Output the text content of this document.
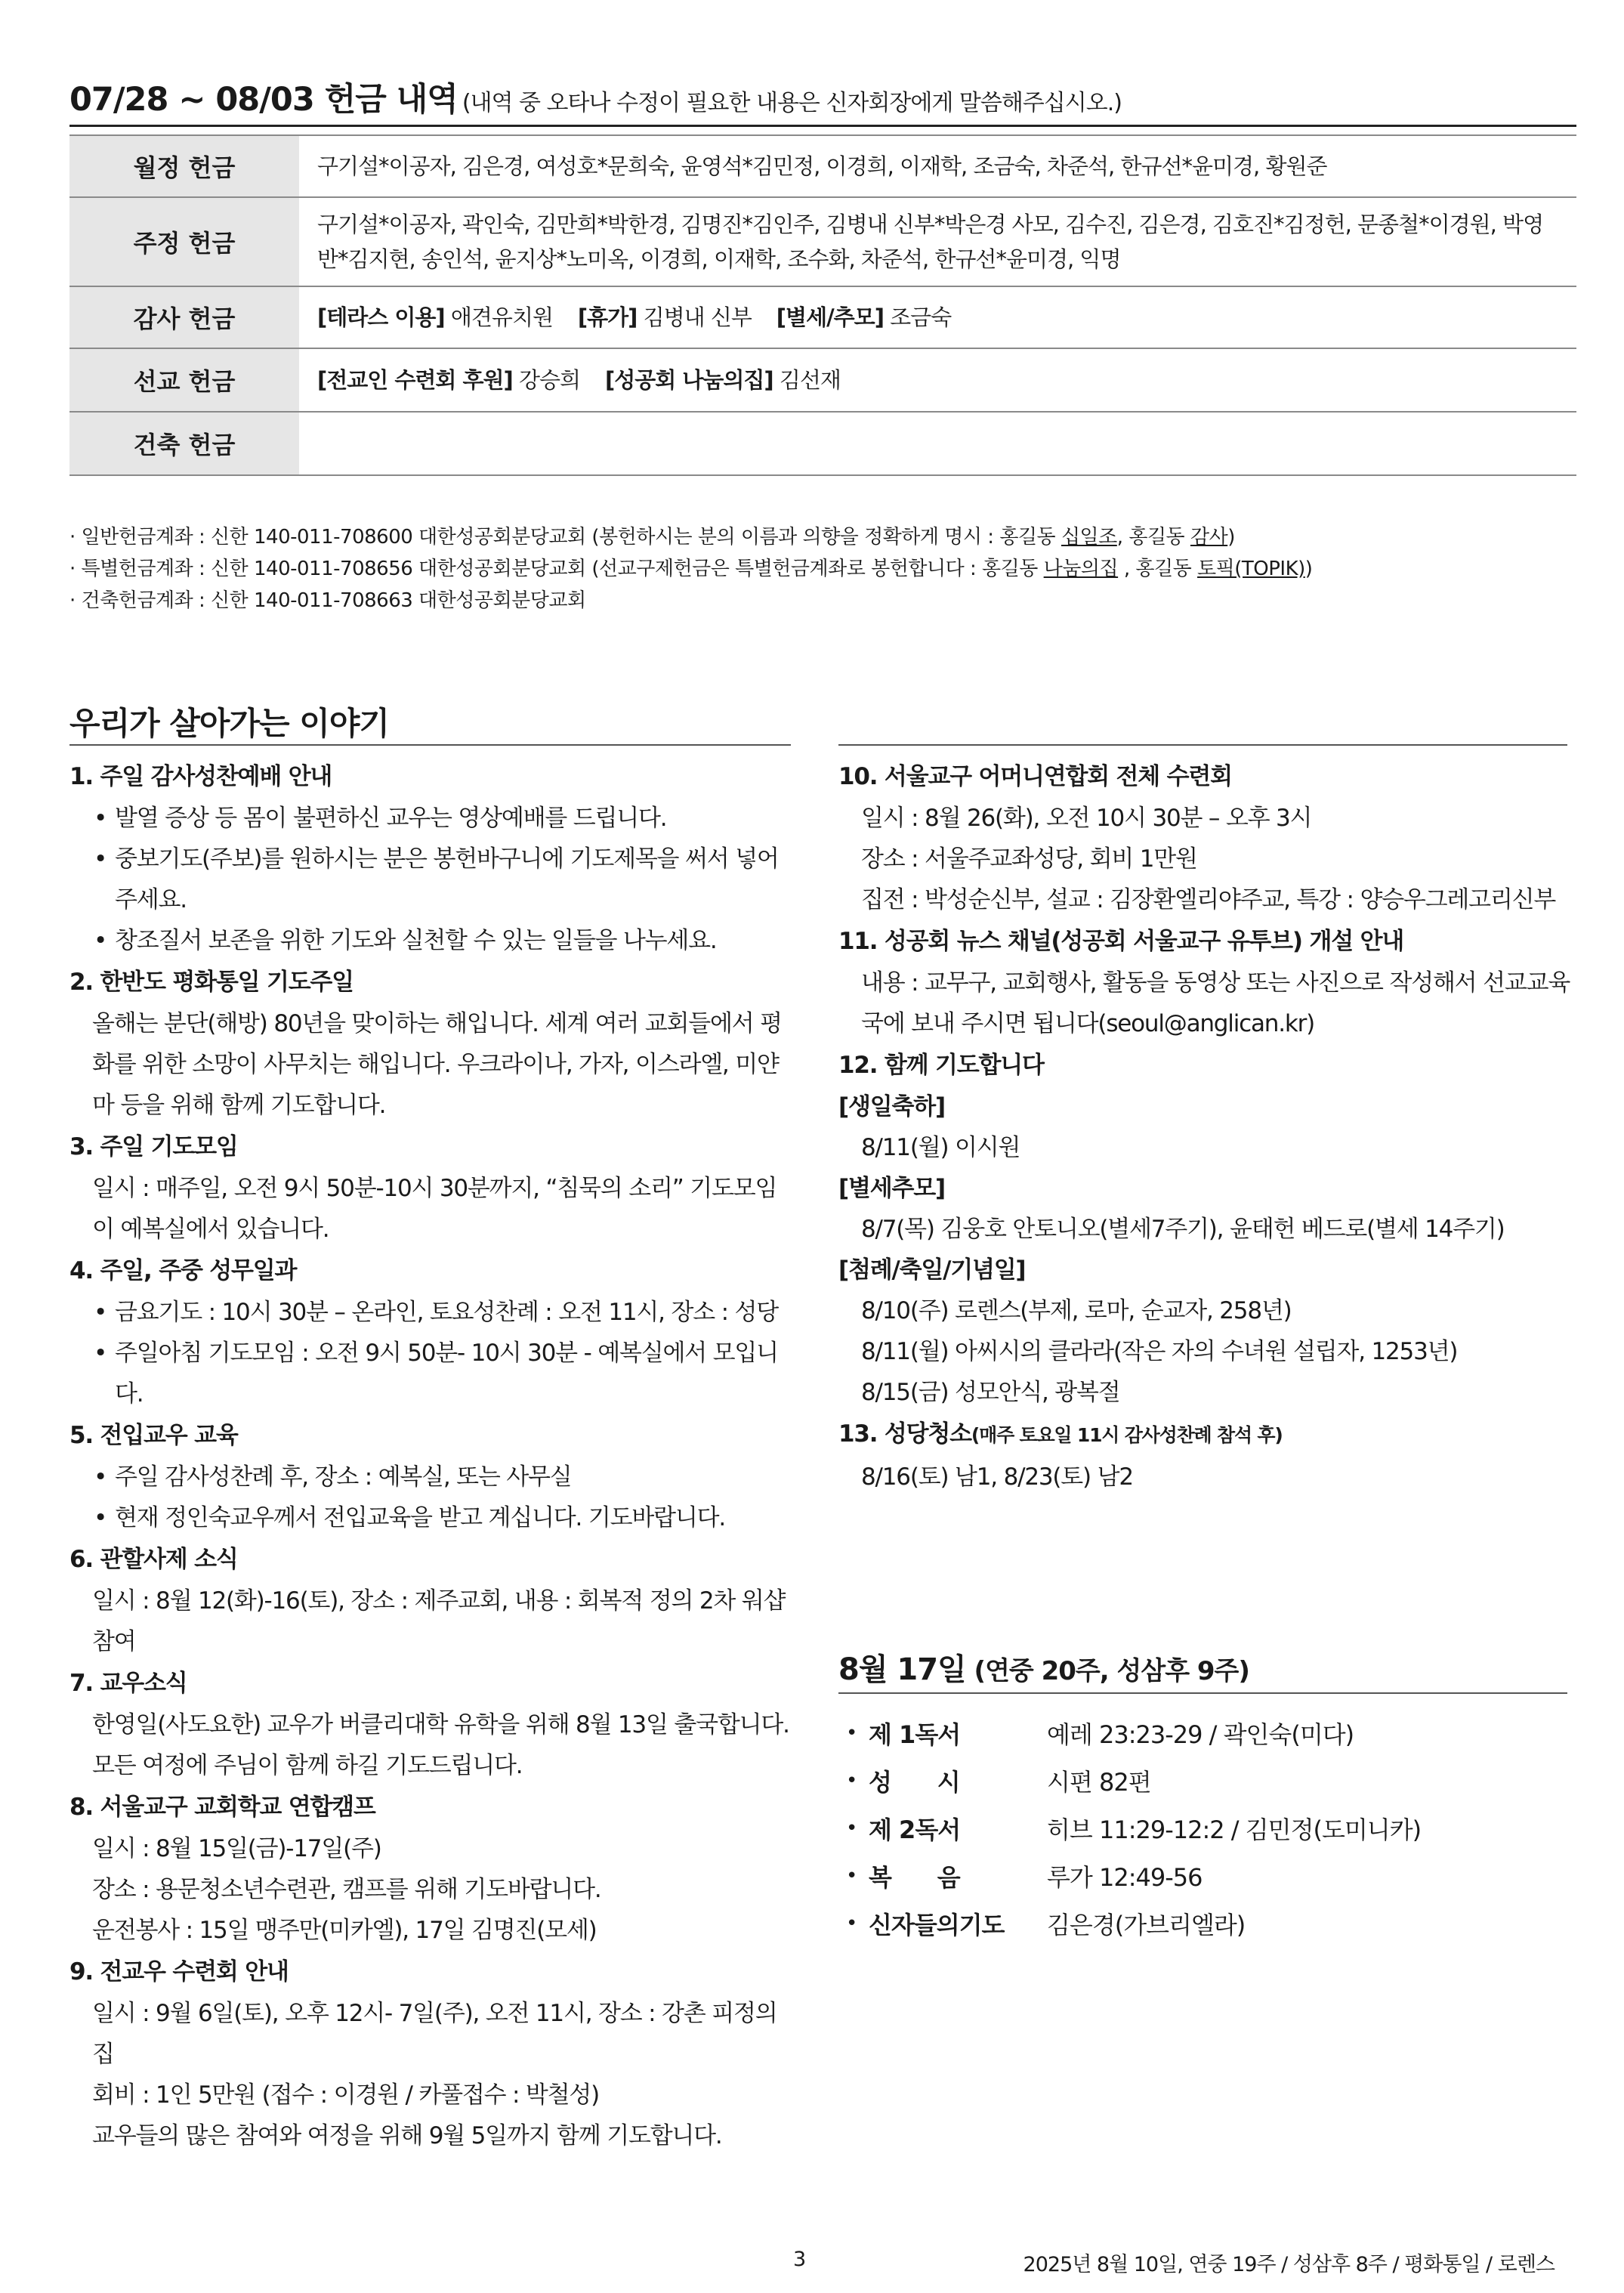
07/28 ~ 08/03 헌금 내역 (내역 중 오타나 수정이 필요한 내용은 신자회장에게 말씀해주십시오.)
월정 헌금	구기설*이공자, 김은경, 여성호*문희숙, 윤영석*김민정, 이경희, 이재학, 조금숙, 차준석, 한규선*윤미경, 황원준
주정 헌금	구기설*이공자, 곽인숙, 김만희*박한경, 김명진*김인주, 김병내 신부*박은경 사모, 김수진, 김은경, 김호진*김정헌, 문종철*이경원, 박영반*김지현, 송인석, 윤지상*노미옥, 이경희, 이재학, 조수화, 차준석, 한규선*윤미경, 익명
감사 헌금	[테라스 이용] 애견유치원 [휴가] 김병내 신부 [별세/추모] 조금숙
선교 헌금	[전교인 수련회 후원] 강승희 [성공회 나눔의집] 김선재
건축 헌금	
· 일반헌금계좌 : 신한 140-011-708600 대한성공회분당교회 (봉헌하시는 분의 이름과 의향을 정확하게 명시 : 홍길동 십일조, 홍길동 감사)
· 특별헌금계좌 : 신한 140-011-708656 대한성공회분당교회 (선교구제헌금은 특별헌금계좌로 봉헌합니다 : 홍길동 나눔의집 , 홍길동 토픽(TOPIK))
· 건축헌금계좌 : 신한 140-011-708663 대한성공회분당교회
우리가 살아가는 이야기
1. 주일 감사성찬예배 안내
• 발열 증상 등 몸이 불편하신 교우는 영상예배를 드립니다.
• 중보기도(주보)를 원하시는 분은 봉헌바구니에 기도제목을 써서 넣어 주세요.
• 창조질서 보존을 위한 기도와 실천할 수 있는 일들을 나누세요.
2. 한반도 평화통일 기도주일
올해는 분단(해방) 80년을 맞이하는 해입니다. 세계 여러 교회들에서 평화를 위한 소망이 사무치는 해입니다. 우크라이나, 가자, 이스라엘, 미얀마 등을 위해 함께 기도합니다.
3. 주일 기도모임
일시 : 매주일, 오전 9시 50분-10시 30분까지, “침묵의 소리” 기도모임이 예복실에서 있습니다.
4. 주일, 주중 성무일과
• 금요기도 : 10시 30분 – 온라인, 토요성찬례 : 오전 11시, 장소 : 성당
• 주일아침 기도모임 : 오전 9시 50분- 10시 30분 - 예복실에서 모입니다.
5. 전입교우 교육
• 주일 감사성찬례 후, 장소 : 예복실, 또는 사무실
• 현재 정인숙교우께서 전입교육을 받고 계십니다. 기도바랍니다.
6. 관할사제 소식
일시 : 8월 12(화)-16(토), 장소 : 제주교회, 내용 : 회복적 정의 2차 워샵참여
7. 교우소식
한영일(사도요한) 교우가 버클리대학 유학을 위해 8월 13일 출국합니다.
모든 여정에 주님이 함께 하길 기도드립니다.
8. 서울교구 교회학교 연합캠프
일시 : 8월 15일(금)-17일(주)
장소 : 용문청소년수련관, 캠프를 위해 기도바랍니다.
운전봉사 : 15일 맹주만(미카엘), 17일 김명진(모세)
9. 전교우 수련회 안내
일시 : 9월 6일(토), 오후 12시- 7일(주), 오전 11시, 장소 : 강촌 피정의 집
회비 : 1인 5만원 (접수 : 이경원 / 카풀접수 : 박철성)
교우들의 많은 참여와 여정을 위해 9월 5일까지 함께 기도합니다.
10. 서울교구 어머니연합회 전체 수련회
일시 : 8월 26(화), 오전 10시 30분 – 오후 3시
장소 : 서울주교좌성당, 회비 1만원
집전 : 박성순신부, 설교 : 김장환엘리야주교, 특강 : 양승우그레고리신부
11. 성공회 뉴스 채널(성공회 서울교구 유투브) 개설 안내
내용 : 교무구, 교회행사, 활동을 동영상 또는 사진으로 작성해서 선교교육국에 보내 주시면 됩니다(seoul@anglican.kr)
12. 함께 기도합니다
[생일축하]
8/11(월) 이시원
[별세추모]
8/7(목) 김웅호 안토니오(별세7주기), 윤태헌 베드로(별세 14주기)
[첨례/축일/기념일]
8/10(주) 로렌스(부제, 로마, 순교자, 258년)
8/11(월) 아씨시의 클라라(작은 자의 수녀원 설립자, 1253년)
8/15(금) 성모안식, 광복절
13. 성당청소(매주 토요일 11시 감사성찬례 참석 후)
8/16(토) 남1, 8/23(토) 남2
8월 17일 (연중 20주, 성삼후 9주)
• 제 1독서	예레 23:23-29 / 곽인숙(미다)
• 성      시	시편 82편
• 제 2독서	히브 11:29-12:2 / 김민정(도미니카)
• 복      음	루가 12:49-56
• 신자들의기도	김은경(가브리엘라)
3	2025년 8월 10일, 연중 19주 / 성삼후 8주 / 평화통일 / 로렌스
